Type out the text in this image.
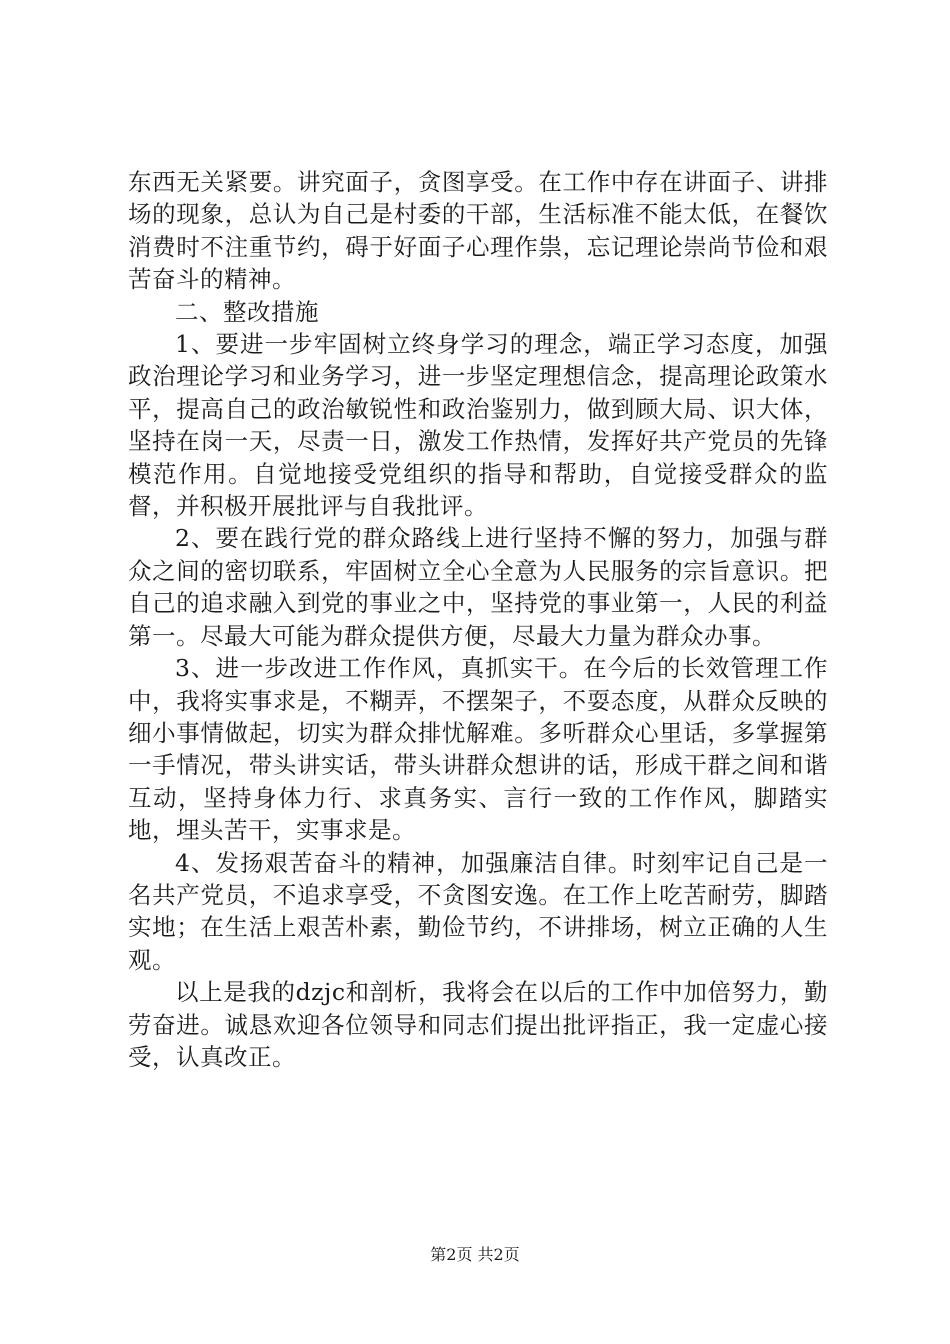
东西无关紧要。讲究面子，贪图享受。在工作中存在讲面子、讲排场的现象，总认为自己是村委的干部，生活标准不能太低，在餐饮消费时不注重节约，碍于好面子心理作祟，忘记理论崇尚节俭和艰苦奋斗的精神。

二、整改措施

1、要进一步牢固树立终身学习的理念，端正学习态度，加强政治理论学习和业务学习，进一步坚定理想信念，提高理论政策水平，提高自己的政治敏锐性和政治鉴别力，做到顾大局、识大体，坚持在岗一天，尽责一日，激发工作热情，发挥好共产党员的先锋模范作用。自觉地接受党组织的指导和帮助，自觉接受群众的监督，并积极开展批评与自我批评。

2、要在践行党的群众路线上进行坚持不懈的努力，加强与群众之间的密切联系，牢固树立全心全意为人民服务的宗旨意识。把自己的追求融入到党的事业之中，坚持党的事业第一，人民的利益第一。尽最大可能为群众提供方便，尽最大力量为群众办事。

3、进一步改进工作作风，真抓实干。在今后的长效管理工作中，我将实事求是，不糊弄，不摆架子，不耍态度，从群众反映的细小事情做起，切实为群众排忧解难。多听群众心里话，多掌握第一手情况，带头讲实话，带头讲群众想讲的话，形成干群之间和谐互动，坚持身体力行、求真务实、言行一致的工作作风，脚踏实地，埋头苦干，实事求是。

4、发扬艰苦奋斗的精神，加强廉洁自律。时刻牢记自己是一名共产党员，不追求享受，不贪图安逸。在工作上吃苦耐劳，脚踏实地；在生活上艰苦朴素，勤俭节约，不讲排场，树立正确的人生观。

以上是我的dzjc和剖析，我将会在以后的工作中加倍努力，勤劳奋进。诚恳欢迎各位领导和同志们提出批评指正，我一定虚心接受，认真改正。

第2页 共2页
